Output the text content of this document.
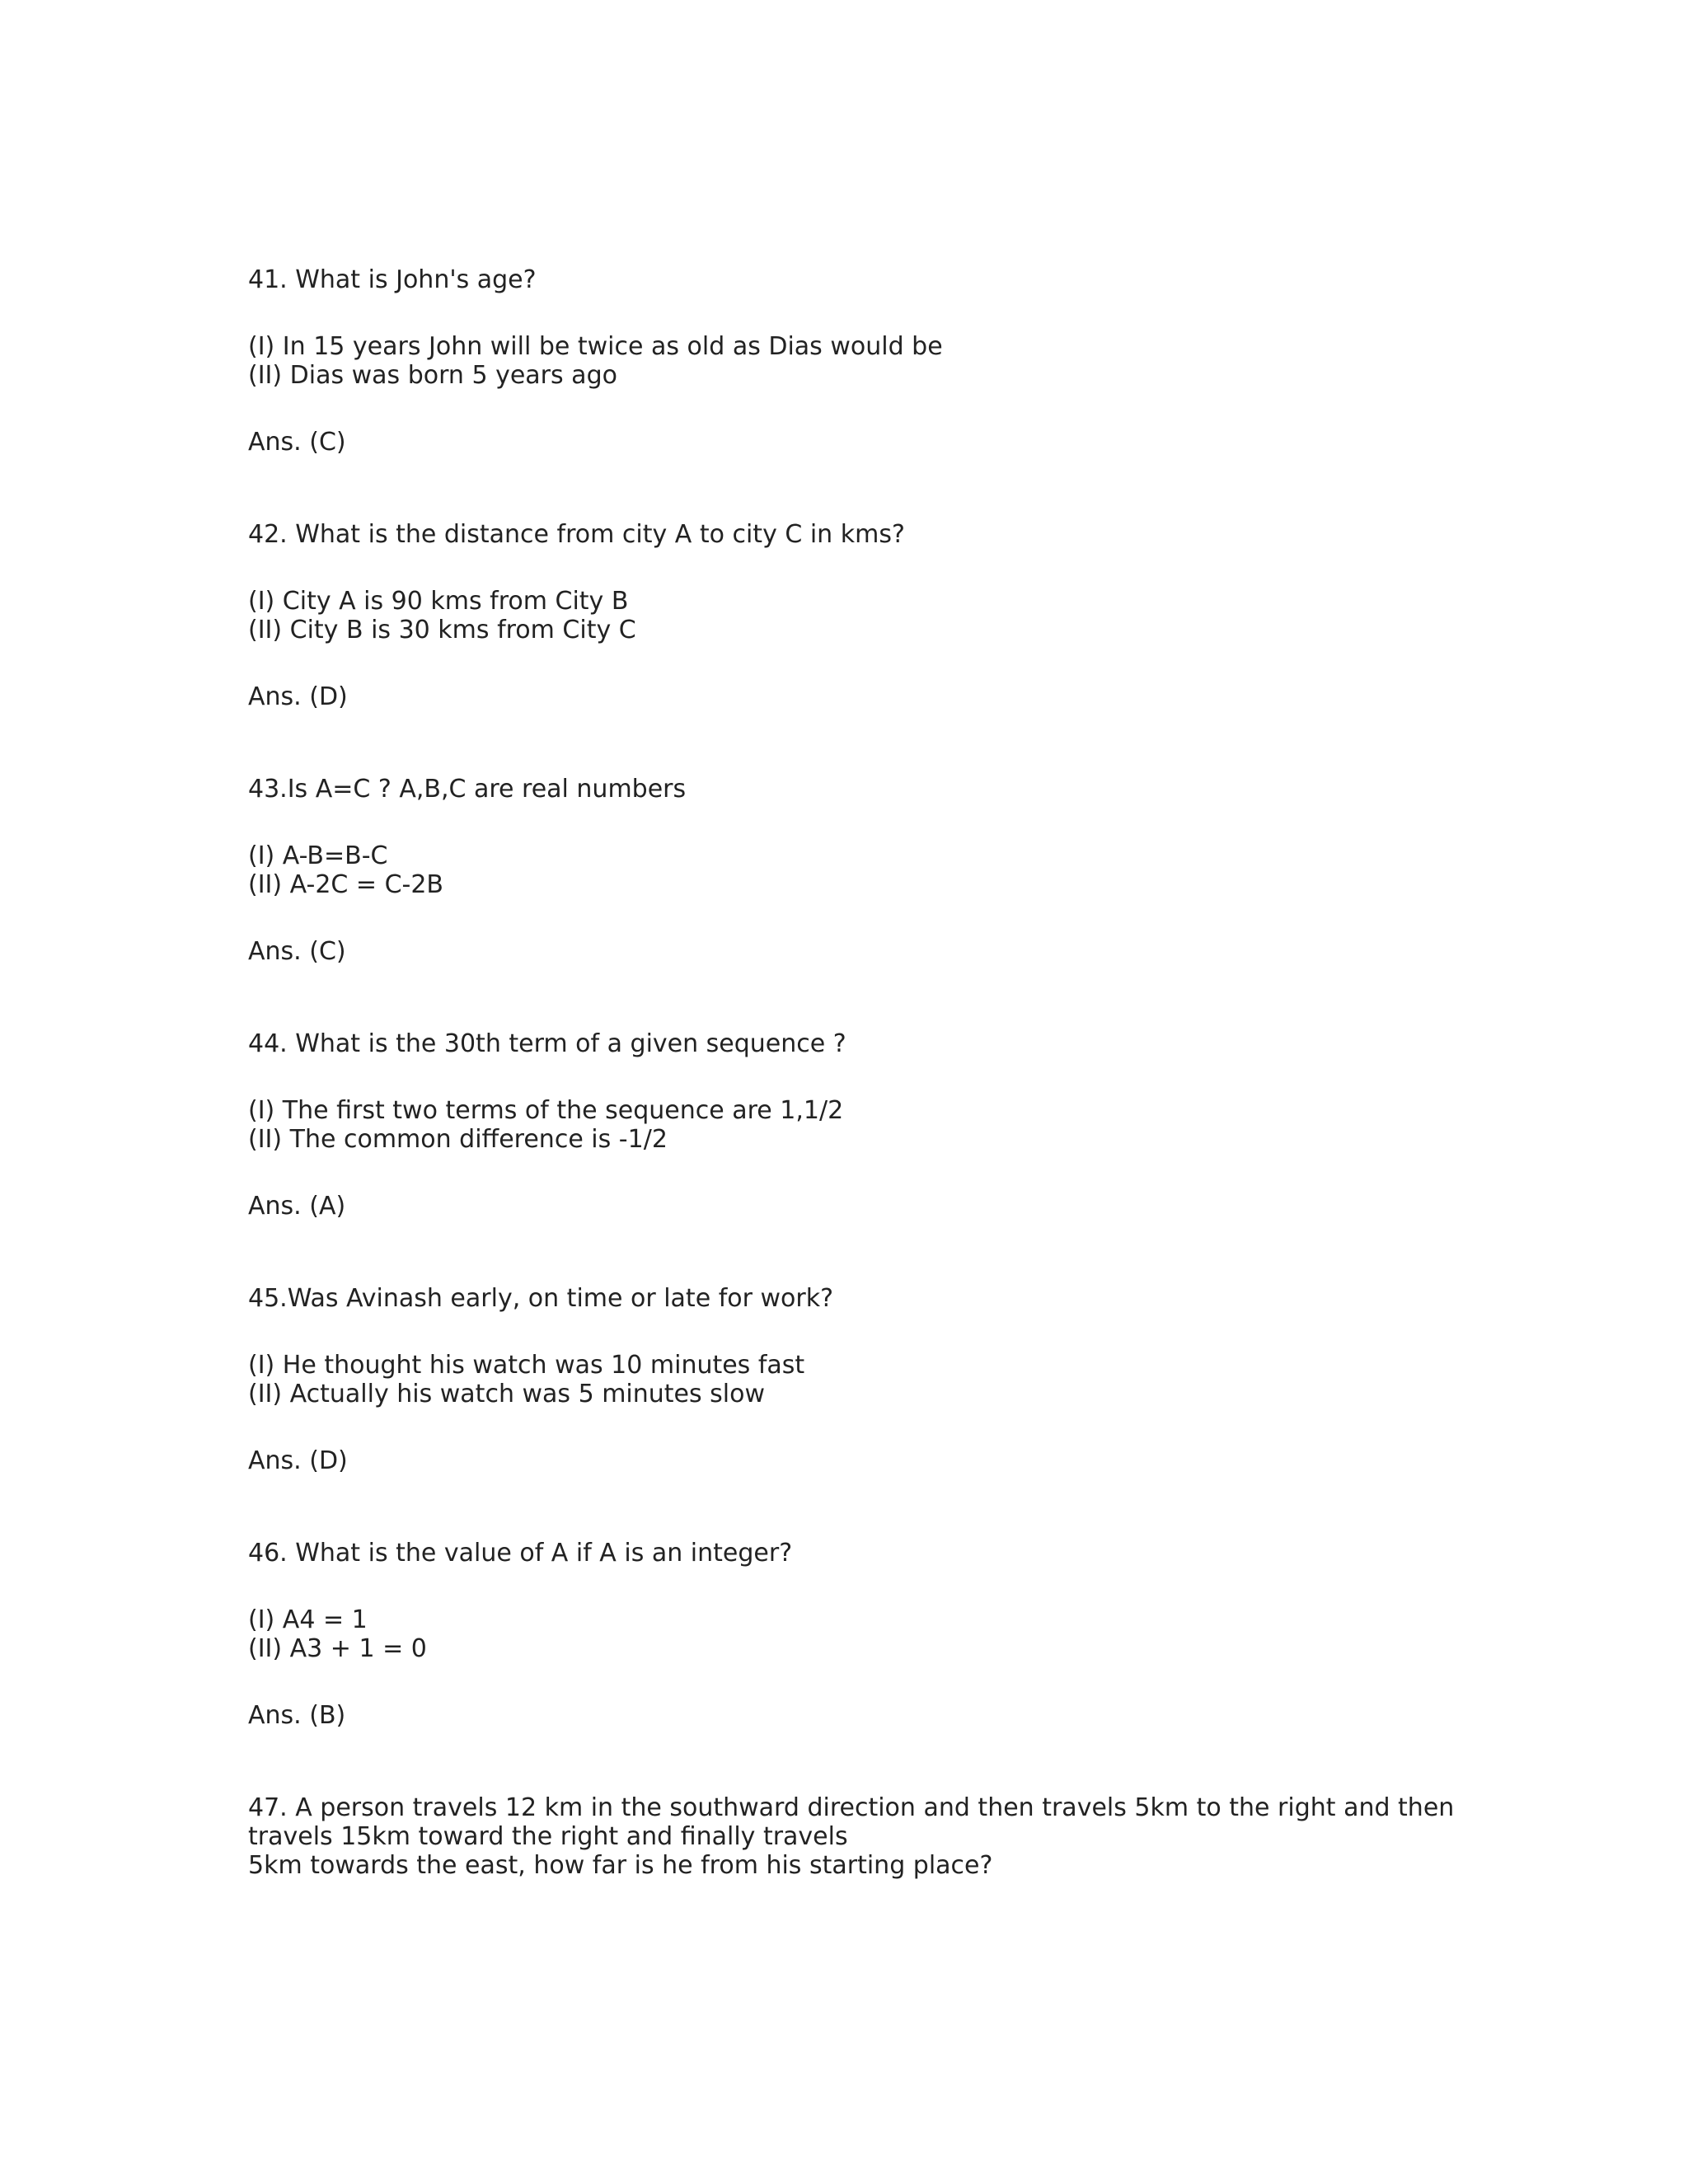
41. What is John's age?
(I) In 15 years John will be twice as old as Dias would be
(II) Dias was born 5 years ago
Ans. (C)
42. What is the distance from city A to city C in kms?
(I) City A is 90 kms from City B
(II) City B is 30 kms from City C
Ans. (D)
43.Is A=C ? A,B,C are real numbers
(I) A-B=B-C
(II) A-2C = C-2B
Ans. (C)
44. What is the 30th term of a given sequence ?
(I) The first two terms of the sequence are 1,1/2
(II) The common difference is -1/2
Ans. (A)
45.Was Avinash early, on time or late for work?
(I) He thought his watch was 10 minutes fast
(II) Actually his watch was 5 minutes slow
Ans. (D)
46. What is the value of A if A is an integer?
(I) A4 = 1
(II) A3 + 1 = 0
Ans. (B)
47. A person travels 12 km in the southward direction and then travels 5km to the right and then
travels 15km toward the right and finally travels
5km towards the east, how far is he from his starting place?
